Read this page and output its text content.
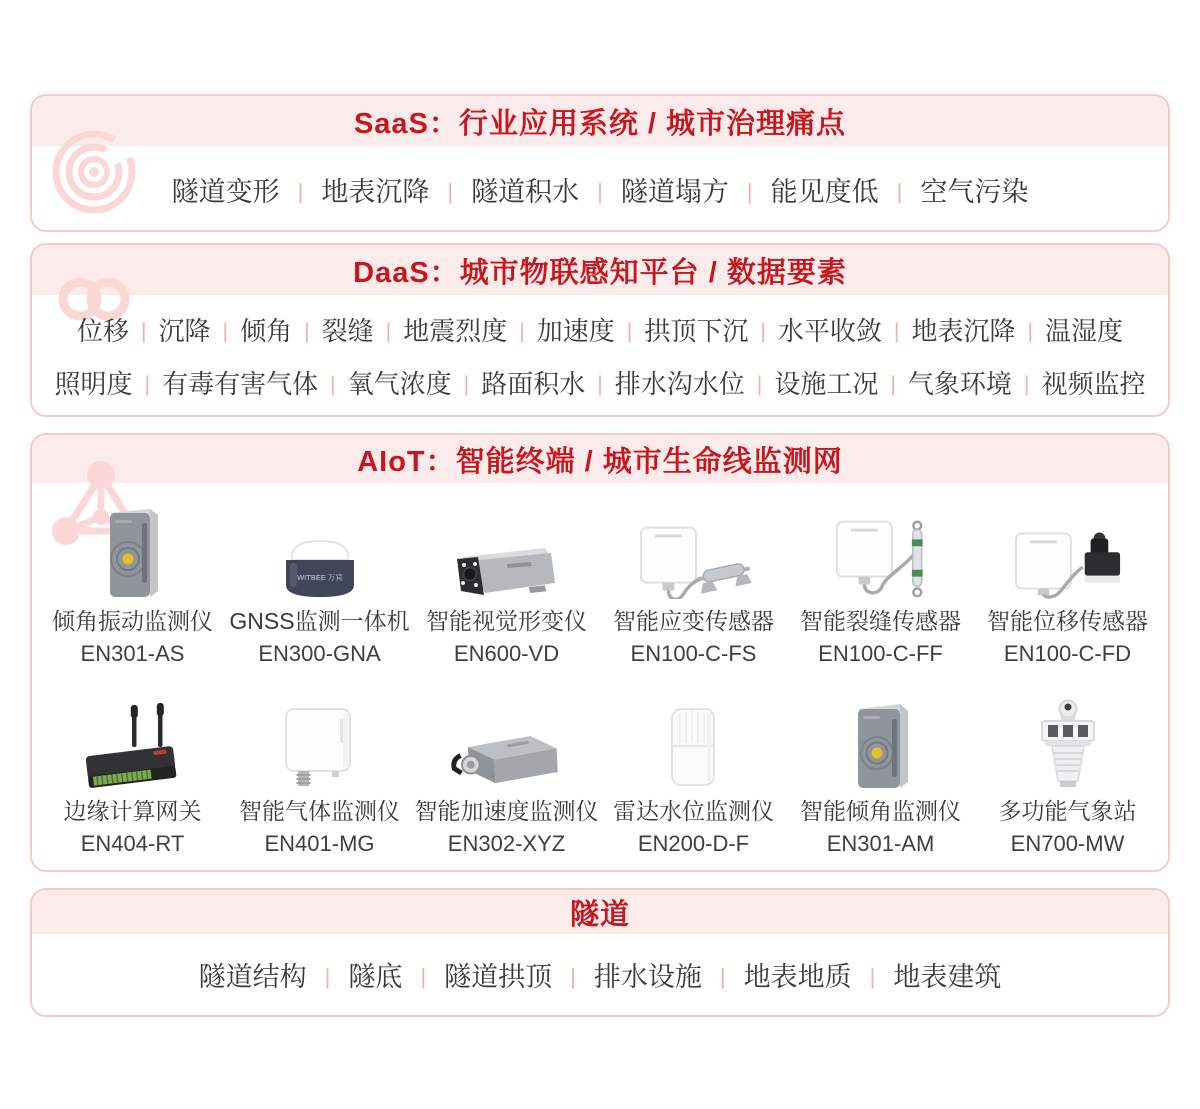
SaaS：行业应用系统 / 城市治理痛点
隧道变形	| 地表沉降	| 隧道积水	| 隧道塌方	| 能见度低	| 空气污染
DaaS：城市物联感知平台 / 数据要素
位移	| 沉降	| 倾角	| 裂缝	| 地震烈度	| 加速度	| 拱顶下沉	| 水平收敛	| 地表沉降	| 温湿度
照明度	| 有毒有害气体	| 氧气浓度	| 路面积水	| 排水沟水位	| 设施工况	| 气象环境	| 视频监控
AIoT：智能终端 / 城市生命线监测网
倾角振动监测仪
EN301-AS
WITBEE 万宾
GNSS监测一体机
EN300-GNA
智能视觉形变仪
EN600-VD
智能应变传感器
EN100-C-FS
智能裂缝传感器
EN100-C-FF
智能位移传感器
EN100-C-FD
边缘计算网关
EN404-RT
智能气体监测仪
EN401-MG
智能加速度监测仪
EN302-XYZ
雷达水位监测仪
EN200-D-F
智能倾角监测仪
EN301-AM
多功能气象站
EN700-MW
隧道
隧道结构	| 隧底	| 隧道拱顶	| 排水设施	| 地表地质	| 地表建筑
